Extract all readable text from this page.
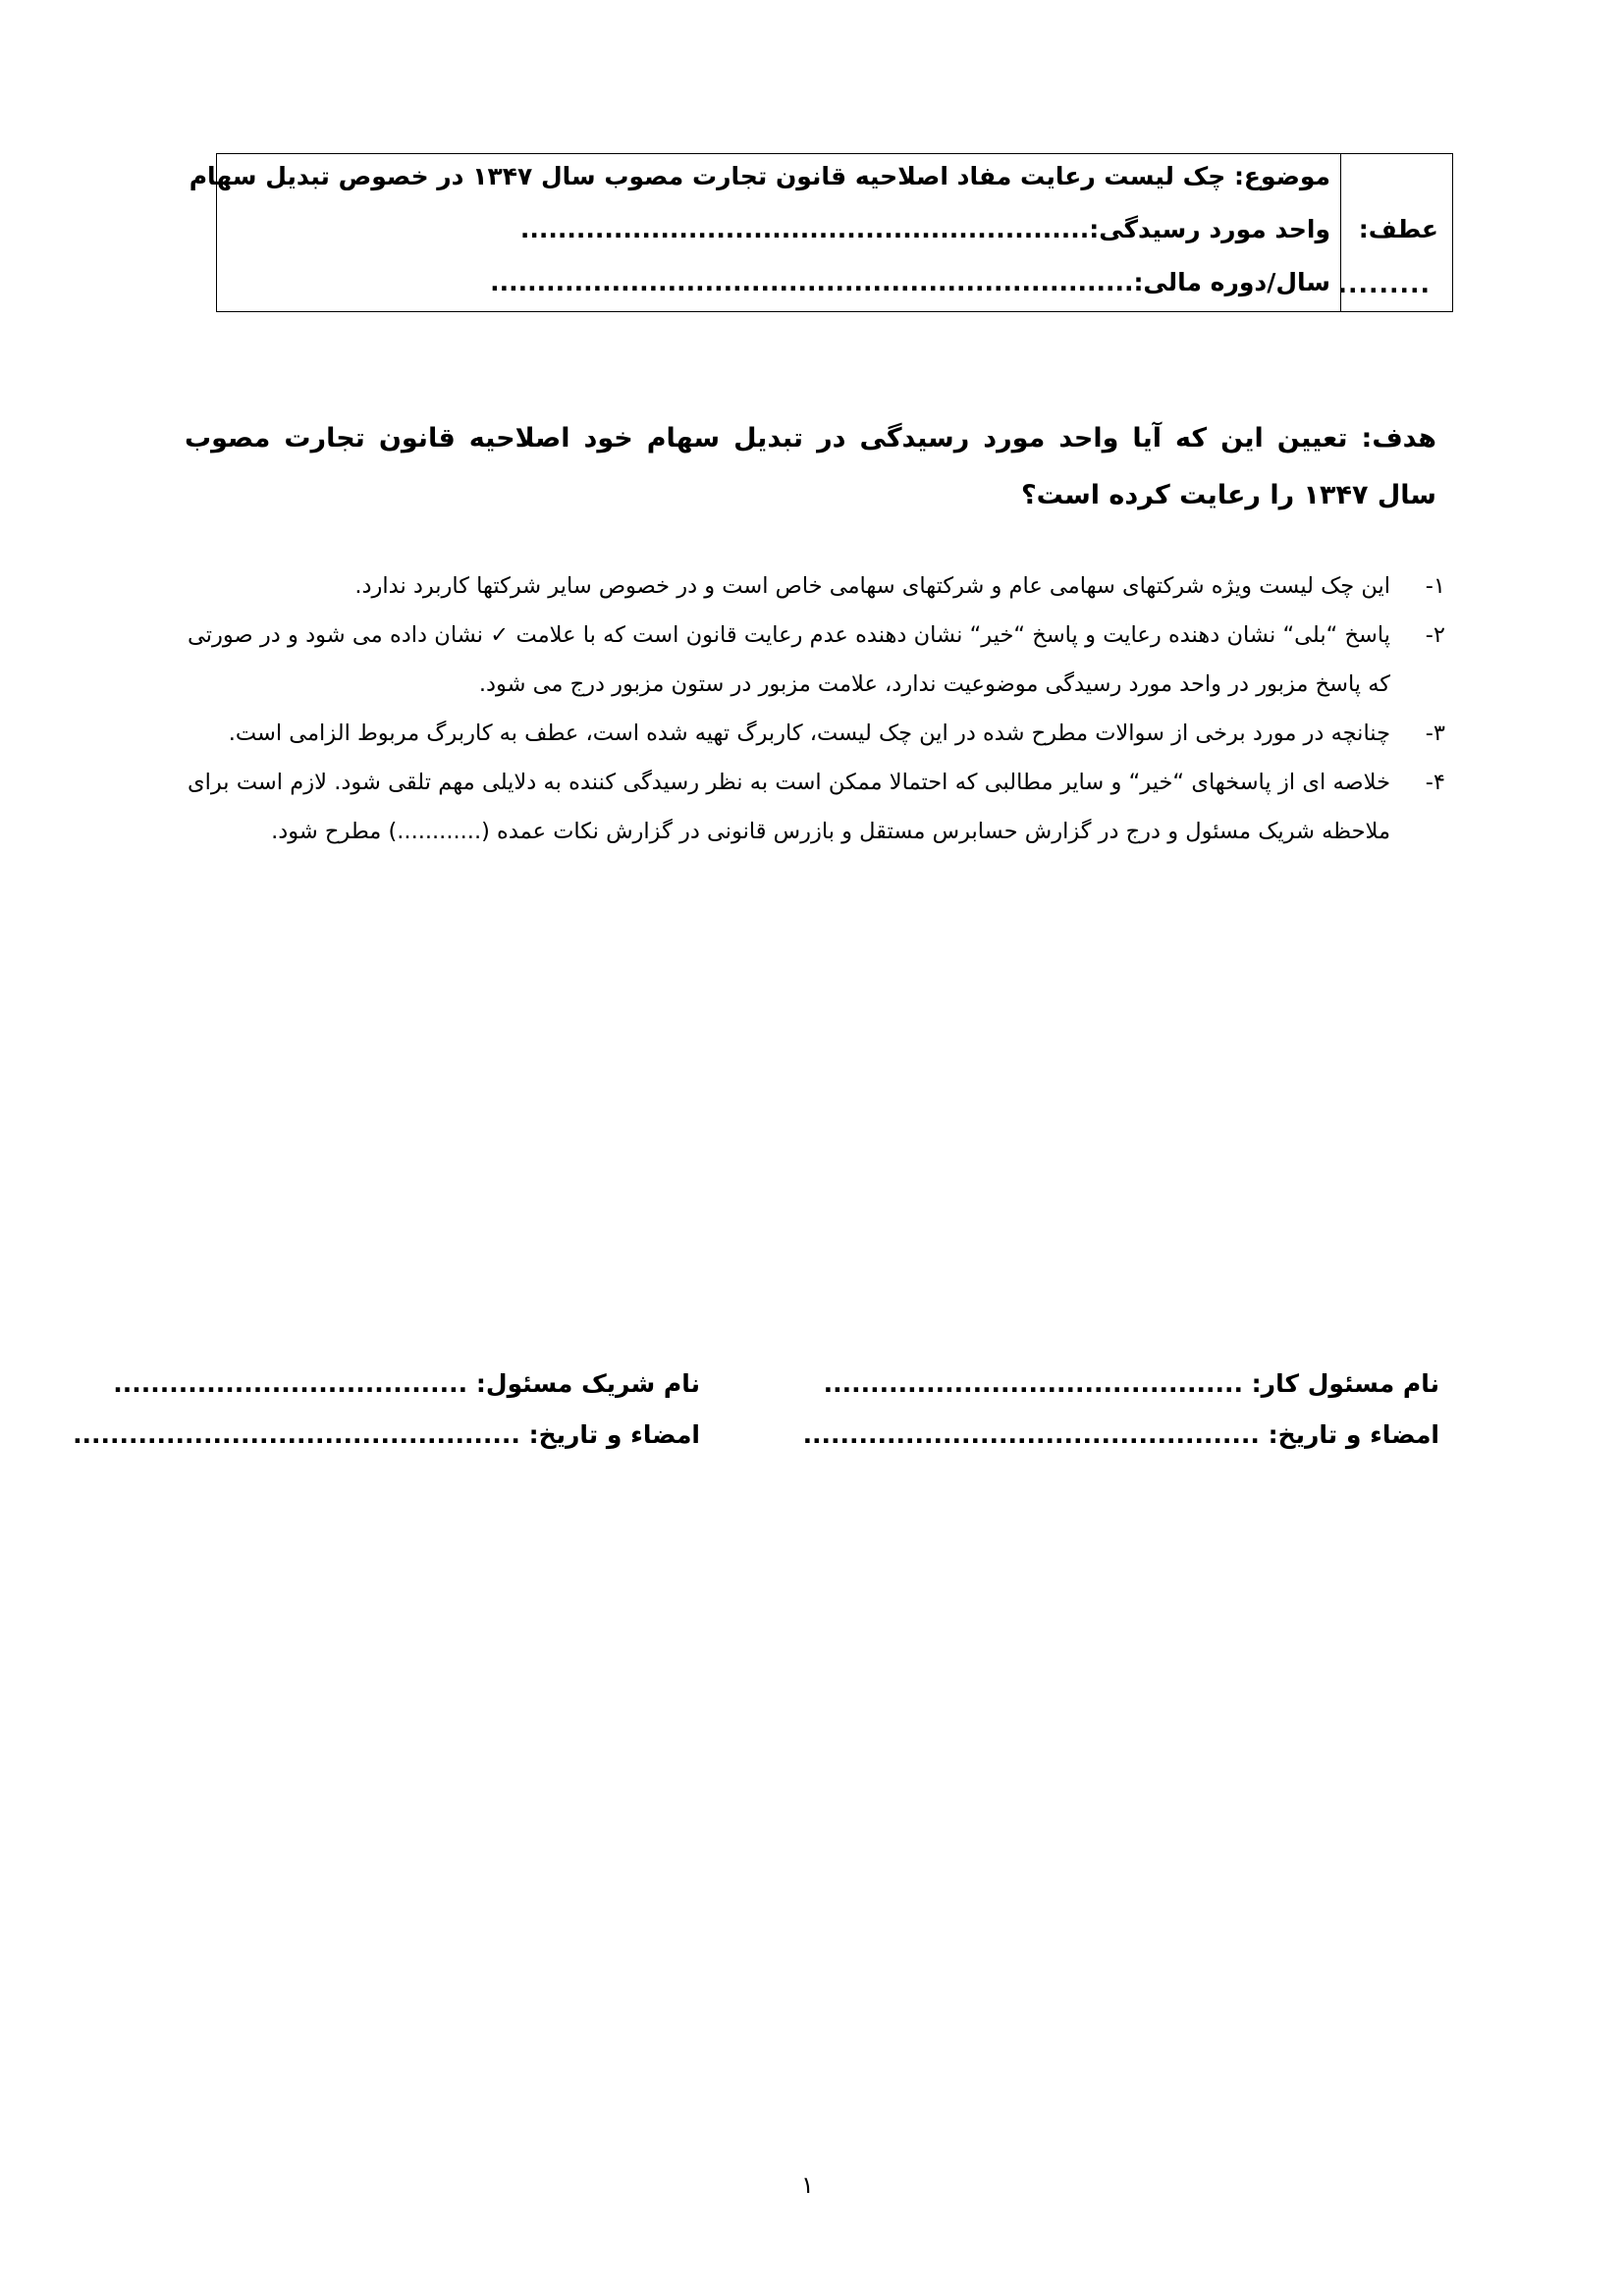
عطف:
.........
موضوع: چک لیست رعایت مفاد اصلاحیه قانون تجارت مصوب سال ۱۳۴۷ در خصوص تبدیل سهام
واحد مورد رسیدگی:.............................................................
سال/دوره مالی:.....................................................................
هدف: تعیین این که آیا واحد مورد رسیدگی در تبدیل سهام خود اصلاحیه قانون تجارت مصوب سال ۱۳۴۷ را رعایت کرده است؟
۱-
این چک لیست ویژه شرکتهای سهامی عام و شرکتهای سهامی خاص است و در خصوص سایر شرکتها کاربرد ندارد.
۲-
پاسخ “بلی“ نشان دهنده رعایت و پاسخ “خیر“ نشان دهنده عدم رعایت قانون است که با علامت ✓ نشان داده می شود و در صورتی که پاسخ مزبور در واحد مورد رسیدگی موضوعیت ندارد، علامت مزبور در ستون مزبور درج می شود.
۳-
چنانچه در مورد برخی از سوالات مطرح شده در این چک لیست، کاربرگ تهیه شده است، عطف به کاربرگ مربوط الزامی است.
۴-
خلاصه ای از پاسخهای “خیر“ و سایر مطالبی که احتمالا ممکن است به نظر رسیدگی کننده به دلایلی مهم تلقی شود. لازم است برای ملاحظه شریک مسئول و درج در گزارش حسابرس مستقل و بازرس قانونی در گزارش نکات عمده (............) مطرح شود.
نام مسئول کار: .............................................
امضاء و تاریخ: .................................................
نام شریک مسئول: ......................................
امضاء و تاریخ: ................................................
۱
